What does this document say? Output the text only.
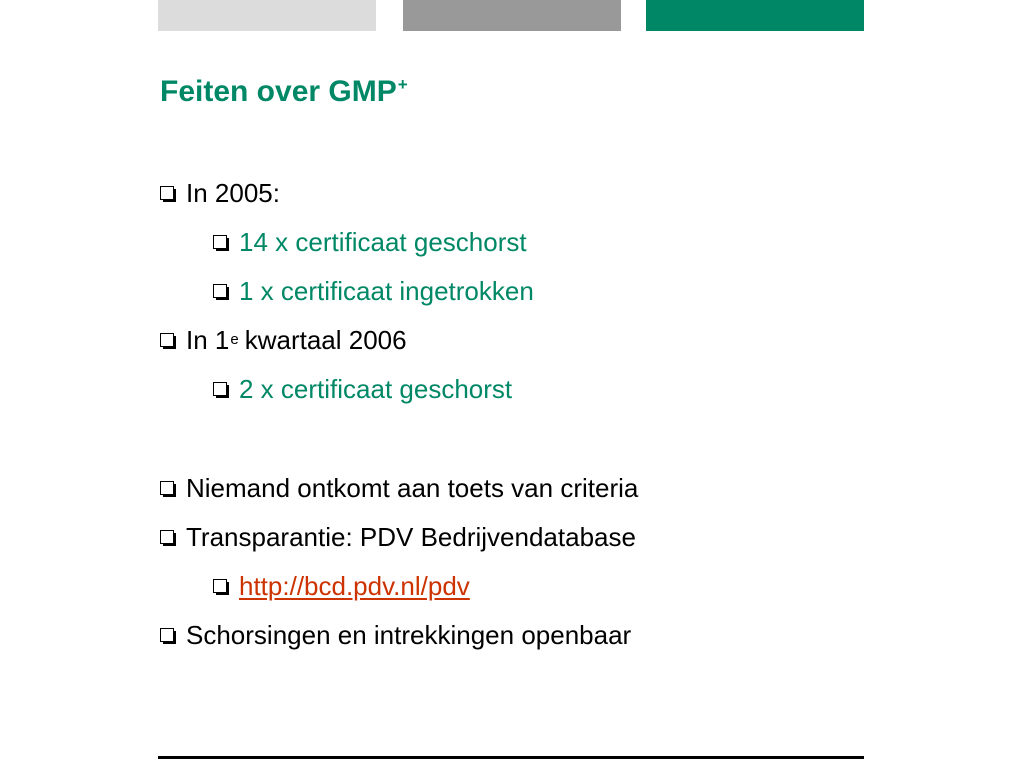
Feiten over GMP+
In 2005:
14 x certificaat geschorst
1 x certificaat ingetrokken
In 1 e kwartaal 2006
2 x certificaat geschorst
Niemand ontkomt aan toets van criteria
Transparantie: PDV Bedrijvendatabase
http://bcd.pdv.nl/pdv
Schorsingen en intrekkingen openbaar
